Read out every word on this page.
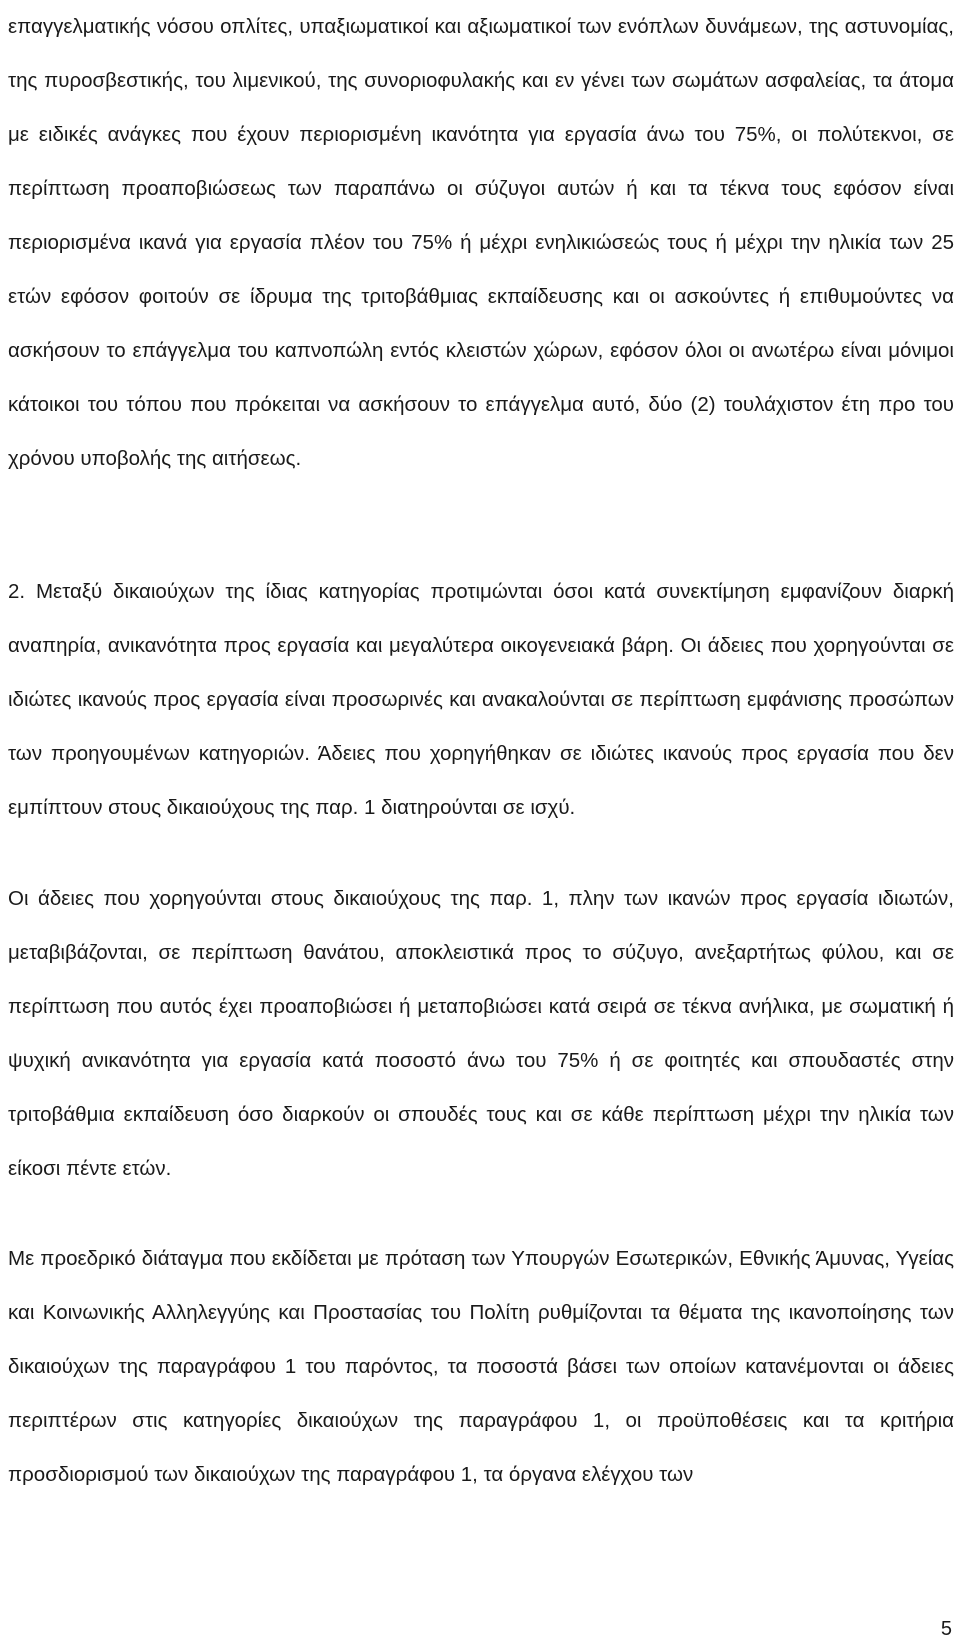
επαγγελματικής νόσου οπλίτες, υπαξιωματικοί και αξιωματικοί των ενόπλων δυνάμεων, της αστυνομίας, της πυροσβεστικής, του λιμενικού, της συνοριοφυλακής και εν γένει των σωμάτων ασφαλείας, τα άτομα με ειδικές ανάγκες που έχουν περιορισμένη ικανότητα για εργασία άνω του 75%, οι πολύτεκνοι, σε περίπτωση προαποβιώσεως των παραπάνω οι σύζυγοι αυτών ή και τα τέκνα τους εφόσον είναι περιορισμένα ικανά για εργασία πλέον του 75% ή μέχρι ενηλικιώσεώς τους ή μέχρι την ηλικία των 25 ετών εφόσον φοιτούν σε ίδρυμα της τριτοβάθμιας εκπαίδευσης και οι ασκούντες ή επιθυμούντες να ασκήσουν το επάγγελμα του καπνοπώλη εντός κλειστών χώρων, εφόσον όλοι οι ανωτέρω είναι μόνιμοι κάτοικοι του τόπου που πρόκειται να ασκήσουν το επάγγελμα αυτό, δύο (2) τουλάχιστον έτη προ του χρόνου υποβολής της αιτήσεως.

2. Μεταξύ δικαιούχων της ίδιας κατηγορίας προτιμώνται όσοι κατά συνεκτίμηση εμφανίζουν διαρκή αναπηρία, ανικανότητα προς εργασία και μεγαλύτερα οικογενειακά βάρη. Οι άδειες που χορηγούνται σε ιδιώτες ικανούς προς εργασία είναι προσωρινές και ανακαλούνται σε περίπτωση εμφάνισης προσώπων των προηγουμένων κατηγοριών. Άδειες που χορηγήθηκαν σε ιδιώτες ικανούς προς εργασία που δεν εμπίπτουν στους δικαιούχους της παρ. 1 διατηρούνται σε ισχύ.

Οι άδειες που χορηγούνται στους δικαιούχους της παρ. 1, πλην των ικανών προς εργασία ιδιωτών, μεταβιβάζονται, σε περίπτωση θανάτου, αποκλειστικά προς το σύζυγο, ανεξαρτήτως φύλου, και σε περίπτωση που αυτός έχει προαποβιώσει ή μεταποβιώσει κατά σειρά σε τέκνα ανήλικα, με σωματική ή ψυχική ανικανότητα για εργασία κατά ποσοστό άνω του 75% ή σε φοιτητές και σπουδαστές στην τριτοβάθμια εκπαίδευση όσο διαρκούν οι σπουδές τους και σε κάθε περίπτωση μέχρι την ηλικία των είκοσι πέντε ετών.

Με προεδρικό διάταγμα που εκδίδεται με πρόταση των Υπουργών Εσωτερικών, Εθνικής Άμυνας, Υγείας και Κοινωνικής Αλληλεγγύης και Προστασίας του Πολίτη ρυθμίζονται τα θέματα της ικανοποίησης των δικαιούχων της παραγράφου 1 του παρόντος, τα ποσοστά βάσει των οποίων κατανέμονται οι άδειες περιπτέρων στις κατηγορίες δικαιούχων της παραγράφου 1, οι προϋποθέσεις και τα κριτήρια προσδιορισμού των δικαιούχων της παραγράφου 1, τα όργανα ελέγχου των

5
